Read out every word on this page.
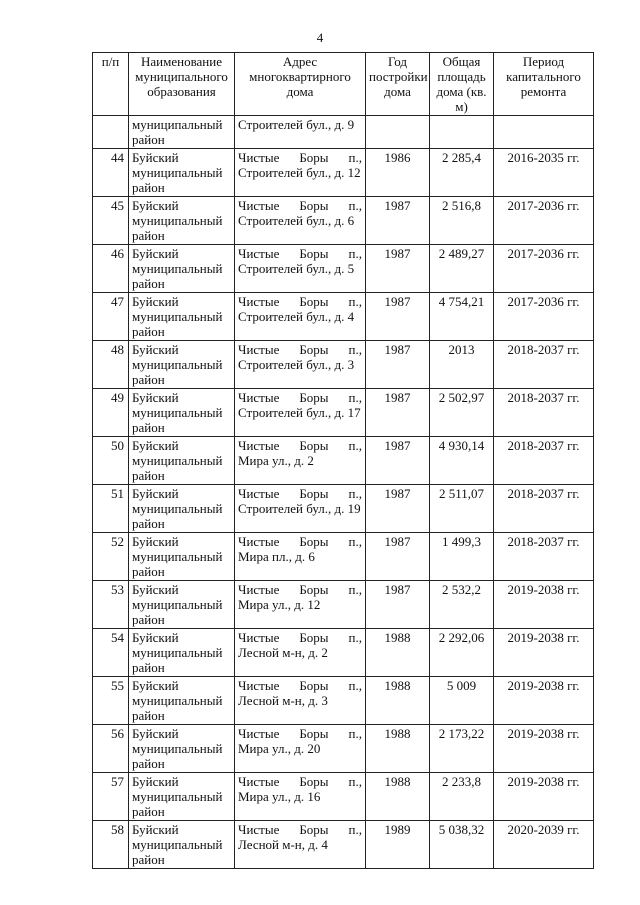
4
п/п	Наименование муниципального образования	Адрес многоквартирного дома	Год постройки дома	Общая площадь дома (кв. м)	Период капитального ремонта
	муниципальный район	Строителей бул., д. 9			
44	Буйский муниципальный район	Чистые Боры п., Строителей бул., д. 12	1986	2 285,4	2016-2035 гг.
45	Буйский муниципальный район	Чистые Боры п., Строителей бул., д. 6	1987	2 516,8	2017-2036 гг.
46	Буйский муниципальный район	Чистые Боры п., Строителей бул., д. 5	1987	2 489,27	2017-2036 гг.
47	Буйский муниципальный район	Чистые Боры п., Строителей бул., д. 4	1987	4 754,21	2017-2036 гг.
48	Буйский муниципальный район	Чистые Боры п., Строителей бул., д. 3	1987	2013	2018-2037 гг.
49	Буйский муниципальный район	Чистые Боры п., Строителей бул., д. 17	1987	2 502,97	2018-2037 гг.
50	Буйский муниципальный район	Чистые Боры п., Мира ул., д. 2	1987	4 930,14	2018-2037 гг.
51	Буйский муниципальный район	Чистые Боры п., Строителей бул., д. 19	1987	2 511,07	2018-2037 гг.
52	Буйский муниципальный район	Чистые Боры п., Мира пл., д. 6	1987	1 499,3	2018-2037 гг.
53	Буйский муниципальный район	Чистые Боры п., Мира ул., д. 12	1987	2 532,2	2019-2038 гг.
54	Буйский муниципальный район	Чистые Боры п., Лесной м-н, д. 2	1988	2 292,06	2019-2038 гг.
55	Буйский муниципальный район	Чистые Боры п., Лесной м-н, д. 3	1988	5 009	2019-2038 гг.
56	Буйский муниципальный район	Чистые Боры п., Мира ул., д. 20	1988	2 173,22	2019-2038 гг.
57	Буйский муниципальный район	Чистые Боры п., Мира ул., д. 16	1988	2 233,8	2019-2038 гг.
58	Буйский муниципальный район	Чистые Боры п., Лесной м-н, д. 4	1989	5 038,32	2020-2039 гг.
